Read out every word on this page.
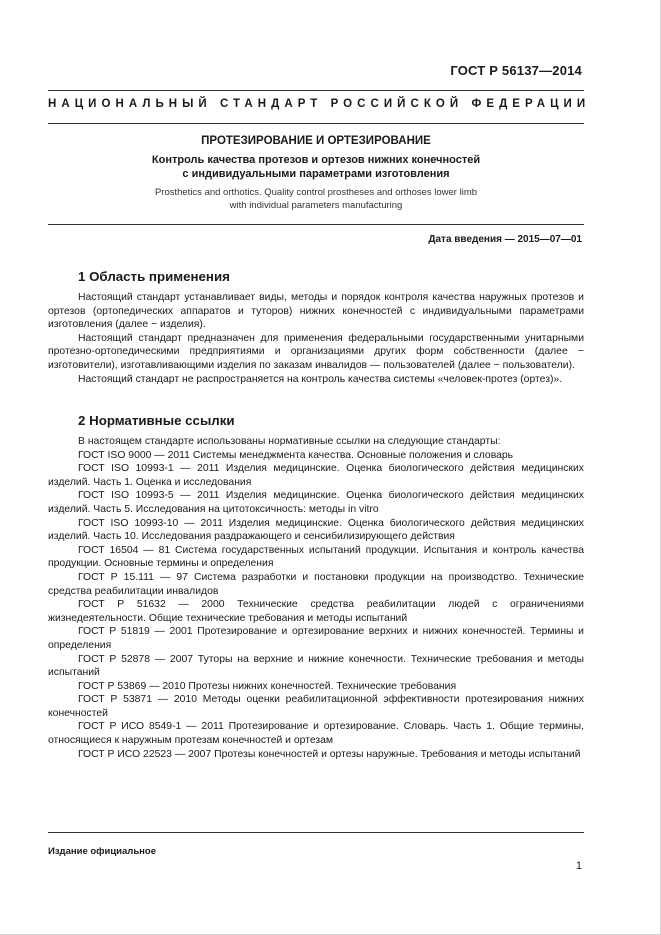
ГОСТ Р 56137—2014
НАЦИОНАЛЬНЫЙ СТАНДАРТ РОССИЙСКОЙ ФЕДЕРАЦИИ
ПРОТЕЗИРОВАНИЕ И ОРТЕЗИРОВАНИЕ
Контроль качества протезов и ортезов нижних конечностей
с индивидуальными параметрами изготовления
Prosthetics and orthotics. Quality control prostheses and orthoses lower limb
with individual parameters manufacturing
Дата введения — 2015—07—01
1 Область применения
Настоящий стандарт устанавливает виды, методы и порядок контроля качества наружных протезов и ортезов (ортопедических аппаратов и туторов) нижних конечностей с индивидуальными параметрами изготовления (далее − изделия).
Настоящий стандарт предназначен для применения федеральными государственными унитарными протезно-ортопедическими предприятиями и организациями других форм собственности (далее − изготовители), изготавливающими изделия по заказам инвалидов — пользователей (далее − пользователи).
Настоящий стандарт не распространяется на контроль качества системы «человек-протез (ортез)».
2 Нормативные ссылки
В настоящем стандарте использованы нормативные ссылки на следующие стандарты:
ГОСТ ISO 9000 — 2011 Системы менеджмента качества. Основные положения и словарь
ГОСТ ISO 10993-1 — 2011 Изделия медицинские. Оценка биологического действия медицинских изделий. Часть 1. Оценка и исследования
ГОСТ ISO 10993-5 — 2011 Изделия медицинские. Оценка биологического действия медицинских изделий. Часть 5. Исследования на цитотоксичность: методы in vitro
ГОСТ ISO 10993-10 — 2011 Изделия медицинские. Оценка биологического действия медицинских изделий. Часть 10. Исследования раздражающего и сенсибилизирующего действия
ГОСТ 16504 — 81 Система государственных испытаний продукции. Испытания и контроль качества продукции. Основные термины и определения
ГОСТ Р 15.111 — 97 Система разработки и постановки продукции на производство. Технические средства реабилитации инвалидов
ГОСТ Р 51632 — 2000 Технические средства реабилитации людей с ограничениями жизнедеятельности. Общие технические требования и методы испытаний
ГОСТ Р 51819 — 2001 Протезирование и ортезирование верхних и нижних конечностей. Термины и определения
ГОСТ Р 52878 — 2007 Туторы на верхние и нижние конечности. Технические требования и методы испытаний
ГОСТ Р 53869 — 2010 Протезы нижних конечностей. Технические требования
ГОСТ Р 53871 — 2010 Методы оценки реабилитационной эффективности протезирования нижних конечностей
ГОСТ Р ИСО 8549-1 — 2011 Протезирование и ортезирование. Словарь. Часть 1. Общие термины, относящиеся к наружным протезам конечностей и ортезам
ГОСТ Р ИСО 22523 — 2007 Протезы конечностей и ортезы наружные. Требования и методы испытаний
Издание официальное
1
